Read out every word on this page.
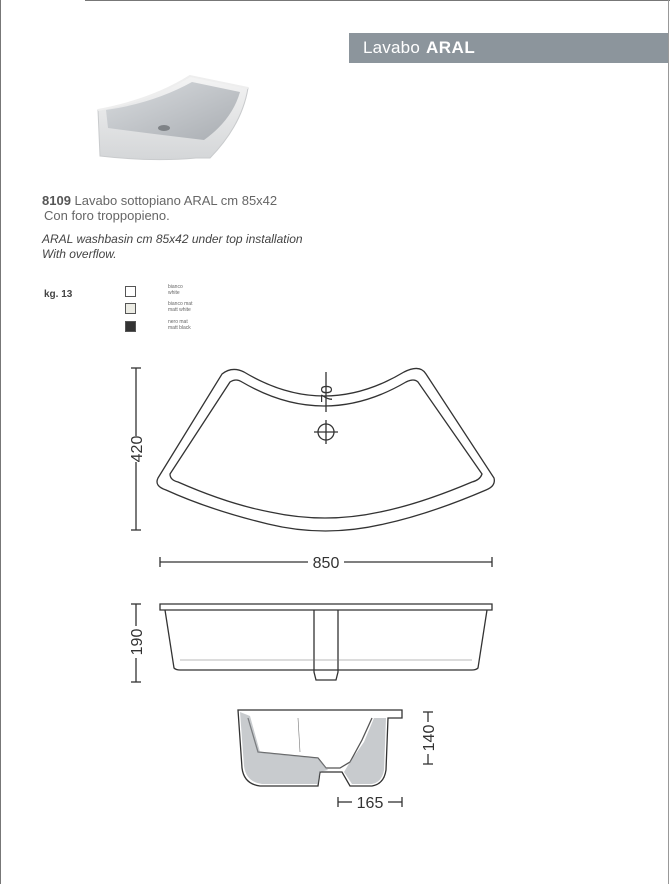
Lavabo ARAL
8109 Lavabo sottopiano ARAL cm 85x42
Con foro troppopieno.
ARAL washbasin cm 85x42 under top installation
With overflow.
kg. 13
bianco
white
bianco mat
matt white
nero mat
matt black
70
420
850
190
140
165
